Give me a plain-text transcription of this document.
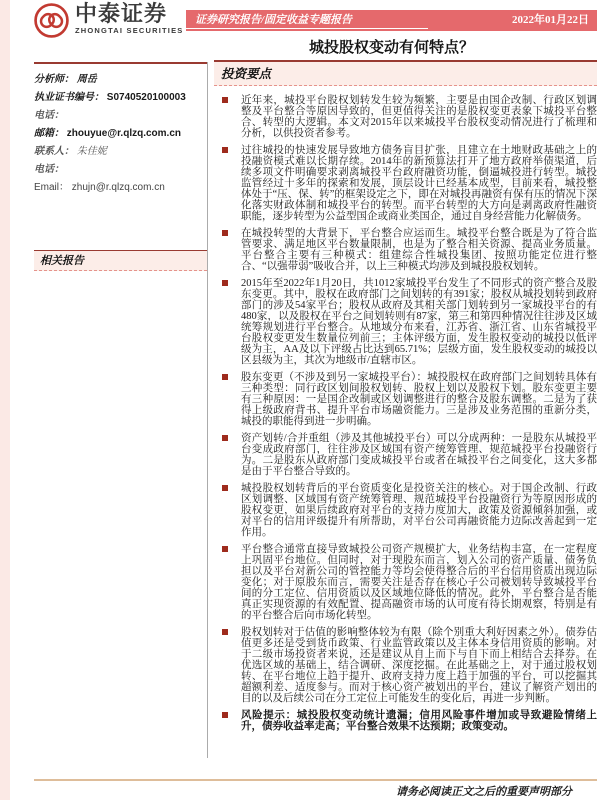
中泰证券
ZHONGTAI SECURITIES
证券研究报告/固定收益专题报告	2022年01月22日
城投股权变动有何特点？
分析师： 周岳
执业证书编号： S0740520100003
电话：
邮箱： zhouyue@r.qlzq.com.cn
联系人： 朱佳妮
电话：
Email： zhujn@r.qlzq.com.cn
相关报告
投资要点
近年来，城投平台股权划转发生较为频繁，主要是由国企改制、行政区划调整及平台整合等原因导致的，但更值得关注的是股权变更表象下城投平台整合、转型的大逻辑。本文对2015年以来城投平台股权变动情况进行了梳理和分析，以供投资者参考。
过往城投的快速发展导致地方债务盲目扩张，且建立在土地财政基础之上的投融资模式难以长期存续。2014年的新预算法打开了地方政府举债渠道，后续多项文件明确要求剥离城投平台政府融资功能，倒逼城投进行转型。城投监管经过十多年的探索和发展，顶层设计已经基本成型，目前来看，城投整体处于“压、保、转”的框架设定之下，即在对城投再融资有保有压的情况下深化落实财政体制和城投平台的转型。而平台转型的大方向是剥离政府性融资职能，逐步转型为公益型国企或商业类国企，通过自身经营能力化解债务。
在城投转型的大背景下，平台整合应运而生。城投平台整合既是为了符合监管要求、满足地区平台数量限制，也是为了整合相关资源、提高业务质量。平台整合主要有三种模式：组建综合性城投集团、按照功能定位进行整合、“以强带弱”吸收合并，以上三种模式均涉及到城投股权划转。
2015年至2022年1月20日，共1012家城投平台发生了不同形式的资产整合及股东变更。其中，股权在政府部门之间划转的有391家；股权从城投划转到政府部门的涉及54家平台；股权从政府及其相关部门划转到另一家城投平台的有480家，以及股权在平台之间划转则有87家，第三和第四种情况往往涉及区域统筹规划进行平台整合。从地域分布来看，江苏省、浙江省、山东省城投平台股权变更发生数量位列前三；主体评级方面，发生股权变动的城投以低评级为主，AA及以下评级占比达到65.71%；层级方面，发生股权变动的城投以区县级为主，其次为地级市/直辖市区。
股东变更（不涉及到另一家城投平台）：城投股权在政府部门之间划转具体有三种类型：同行政区划间股权划转、股权上划以及股权下划。股东变更主要有三种原因：一是国企改制或区划调整进行的整合及股东调整。二是为了获得上级政府背书、提升平台市场融资能力。三是涉及业务范围的重新分类，城投的职能得到进一步明确。
资产划转/合并重组（涉及其他城投平台）可以分成两种：一是股东从城投平台变成政府部门，往往涉及区域国有资产统筹管理、规范城投平台投融资行为。二是股东从政府部门变成城投平台或者在城投平台之间变化，这大多都是由于平台整合导致的。
城投股权划转背后的平台资质变化是投资关注的核心。对于国企改制、行政区划调整、区域国有资产统筹管理、规范城投平台投融资行为等原因形成的股权变更，如果后续政府对平台的支持力度加大，政策及资源倾斜加强，或对平台的信用评级提升有所帮助，对平台公司再融资能力边际改善起到一定作用。
平台整合通常直接导致城投公司资产规模扩大，业务结构丰富，在一定程度上巩固平台地位。但同时，对于现股东而言，划入公司的资产质量、债务负担以及平台对新公司的管控能力等均会使得整合后的平台信用资质出现边际变化；对于原股东而言，需要关注是否存在核心子公司被划转导致城投平台间的分工定位、信用资质以及区域地位降低的情况。此外，平台整合是否能真正实现资源的有效配置、提高融资市场的认可度有待长期观察，特别是有的平台整合后向市场化转型。
股权划转对于估值的影响整体较为有限（除个别重大利好因素之外）。债券估值更多还是受到货币政策、行业监管政策以及主体本身信用资质的影响。对于二级市场投资者来说，还是建议从自上而下与自下而上相结合去择券。在优选区域的基础上，结合调研、深度挖掘。在此基础之上，对于通过股权划转、在平台地位上趋于提升、政府支持力度上趋于加强的平台，可以挖掘其超额利差、适度参与。而对于核心资产被划出的平台，建议了解资产划出的目的以及后续公司在分工定位上可能发生的变化后，再进一步判断。
风险提示：城投股权变动统计遗漏；信用风险事件增加或导致避险情绪上升，债券收益率走高；平台整合效果不达预期；政策变动。
请务必阅读正文之后的重要声明部分
